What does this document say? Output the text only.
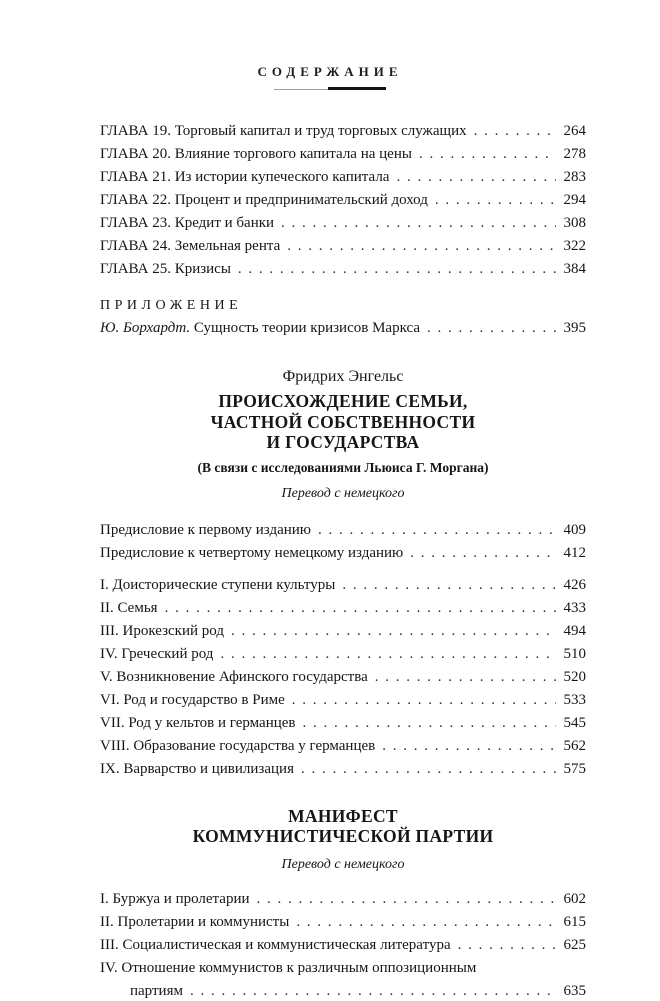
СОДЕРЖАНИЕ
ГЛАВА 19. Торговый капитал и труд торговых служащих . . .	264
ГЛАВА 20. Влияние торгового капитала на цены . . .	278
ГЛАВА 21. Из истории купеческого капитала . . .	283
ГЛАВА 22. Процент и предпринимательский доход . . .	294
ГЛАВА 23. Кредит и банки . . .	308
ГЛАВА 24. Земельная рента . . .	322
ГЛАВА 25. Кризисы . . .	384
ПРИЛОЖЕНИЕ
Ю. Борхардт. Сущность теории кризисов Маркса . . .	395
Фридрих Энгельс
ПРОИСХОЖДЕНИЕ СЕМЬИ,
ЧАСТНОЙ СОБСТВЕННОСТИ
И ГОСУДАРСТВА
(В связи с исследованиями Льюиса Г. Моргана)
Перевод с немецкого
Предисловие к первому изданию . . .	409
Предисловие к четвертому немецкому изданию . . .	412
I. Доисторические ступени культуры . . .	426
II. Семья . . .	433
III. Ирокезский род . . .	494
IV. Греческий род . . .	510
V. Возникновение Афинского государства . . .	520
VI. Род и государство в Риме . . .	533
VII. Род у кельтов и германцев . . .	545
VIII. Образование государства у германцев . . .	562
IX. Варварство и цивилизация . . .	575
МАНИФЕСТ
КОММУНИСТИЧЕСКОЙ ПАРТИИ
Перевод с немецкого
I. Буржуа и пролетарии . . .	602
II. Пролетарии и коммунисты . . .	615
III. Социалистическая и коммунистическая литература . . .	625
IV. Отношение коммунистов к различным оппозиционным
партиям . . .	635
